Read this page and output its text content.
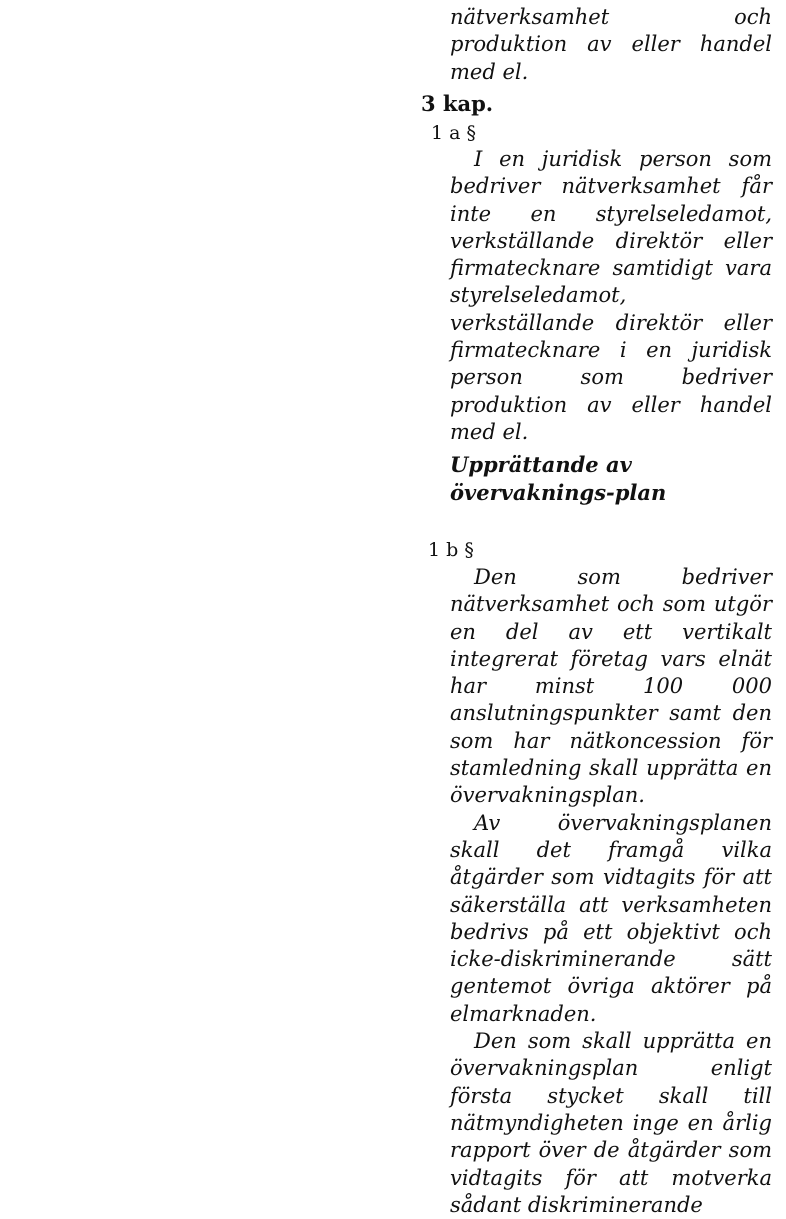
nätverksamhet och produktion av eller handel med el.

3 kap.

1 a §

I en juridisk person som bedriver nätverksamhet får inte en styrelseledamot, verkställande direktör eller firmatecknare samtidigt vara styrelseledamot, verkställande direktör eller firmatecknare i en juridisk person som bedriver produktion av eller handel med el.

Upprättande av övervaknings-plan

1 b §

Den som bedriver nätverksamhet och som utgör en del av ett vertikalt integrerat företag vars elnät har minst 100 000 anslutningspunkter samt den som har nätkoncession för stamledning skall upprätta en övervakningsplan.

Av övervakningsplanen skall det framgå vilka åtgärder som vidtagits för att säkerställa att verksamheten bedrivs på ett objektivt och icke-diskriminerande sätt gentemot övriga aktörer på elmarknaden.

Den som skall upprätta en övervakningsplan enligt första stycket skall till nätmyndigheten inge en årlig rapport över de åtgärder som vidtagits för att motverka sådant diskriminerande
